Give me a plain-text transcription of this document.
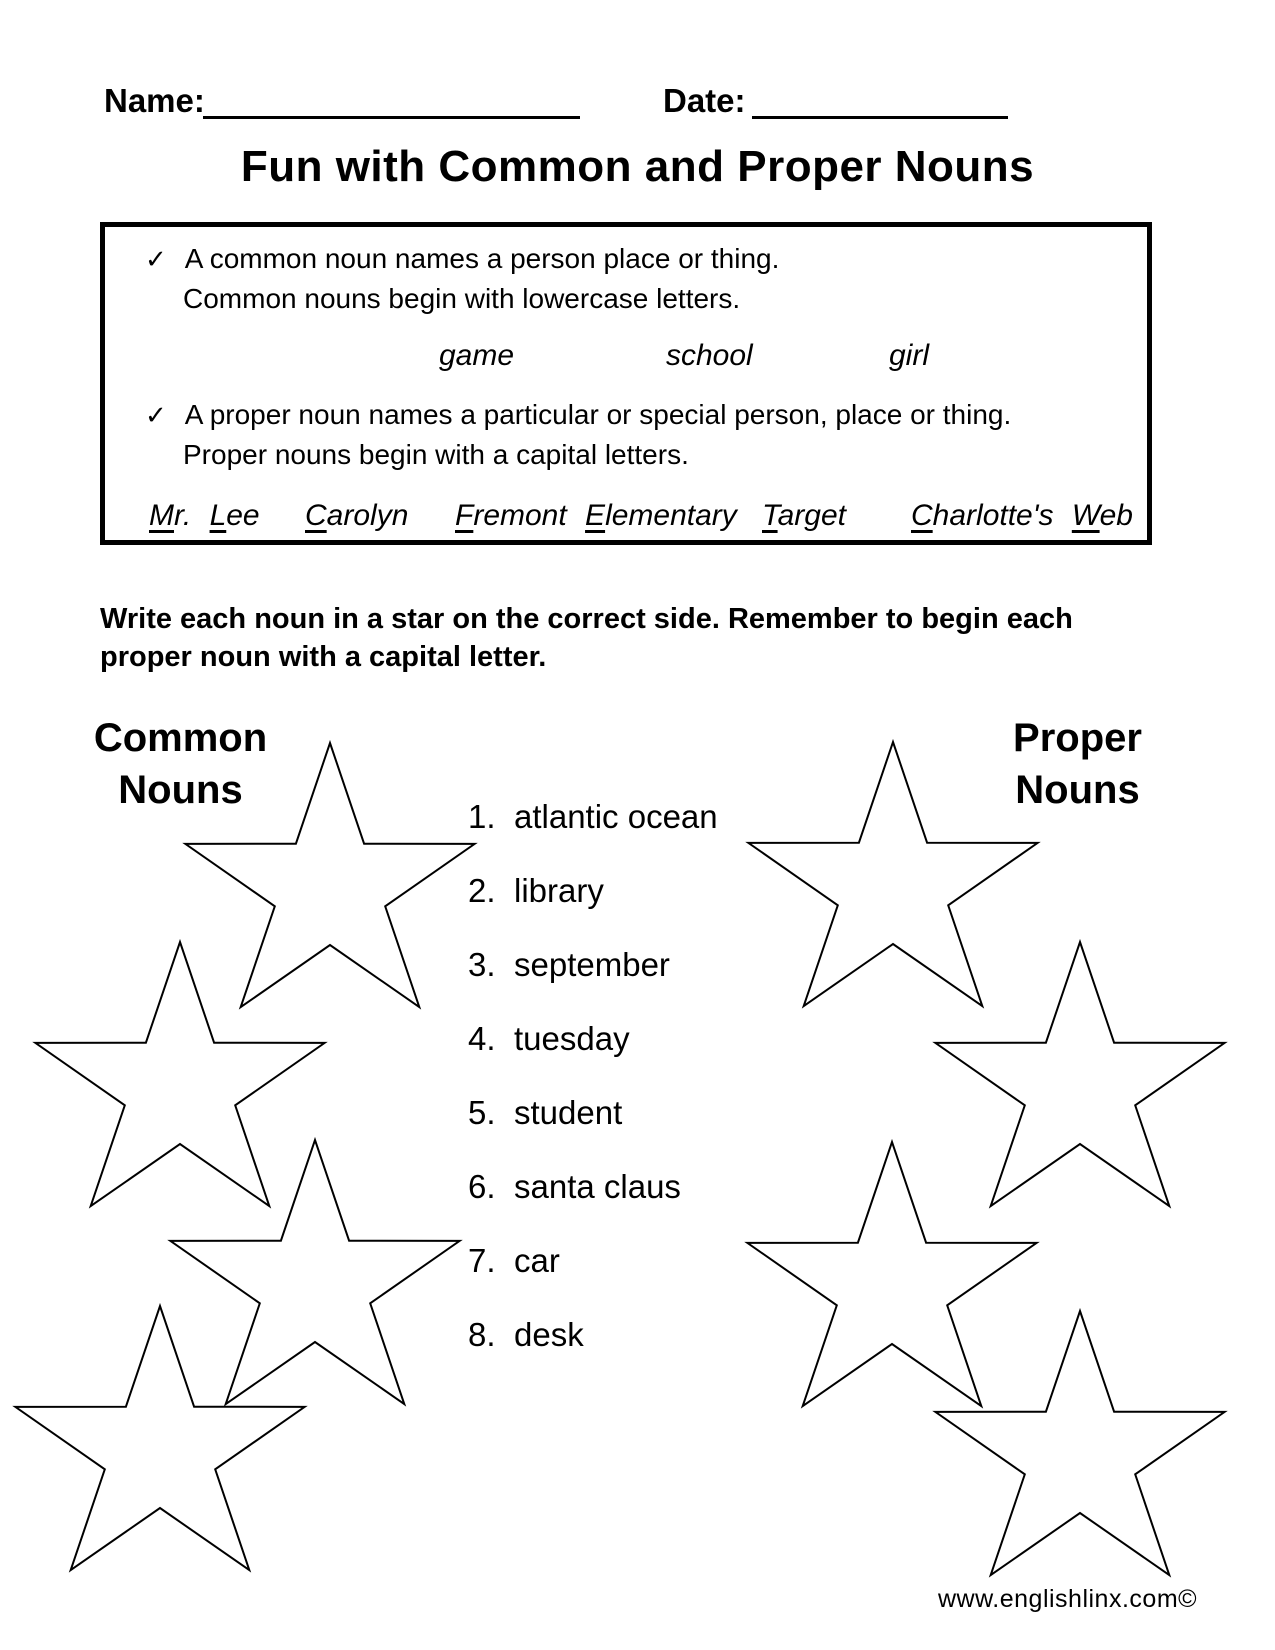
Name:	Date:
Fun with Common and Proper Nouns
✓ A common noun names a person place or thing.
Common nouns begin with lowercase letters.
game	school	girl
✓ A proper noun names a particular or special person, place or thing.
Proper nouns begin with a capital letters.
Mr. Lee Carolyn Fremont Elementary Target Charlotte's Web
Write each noun in a star on the correct side. Remember to begin each
proper noun with a capital letter.
Common
Nouns
Proper
Nouns
1. atlantic ocean
2. library
3. september
4. tuesday
5. student
6. santa claus
7. car
8. desk
www.englishlinx.com©
